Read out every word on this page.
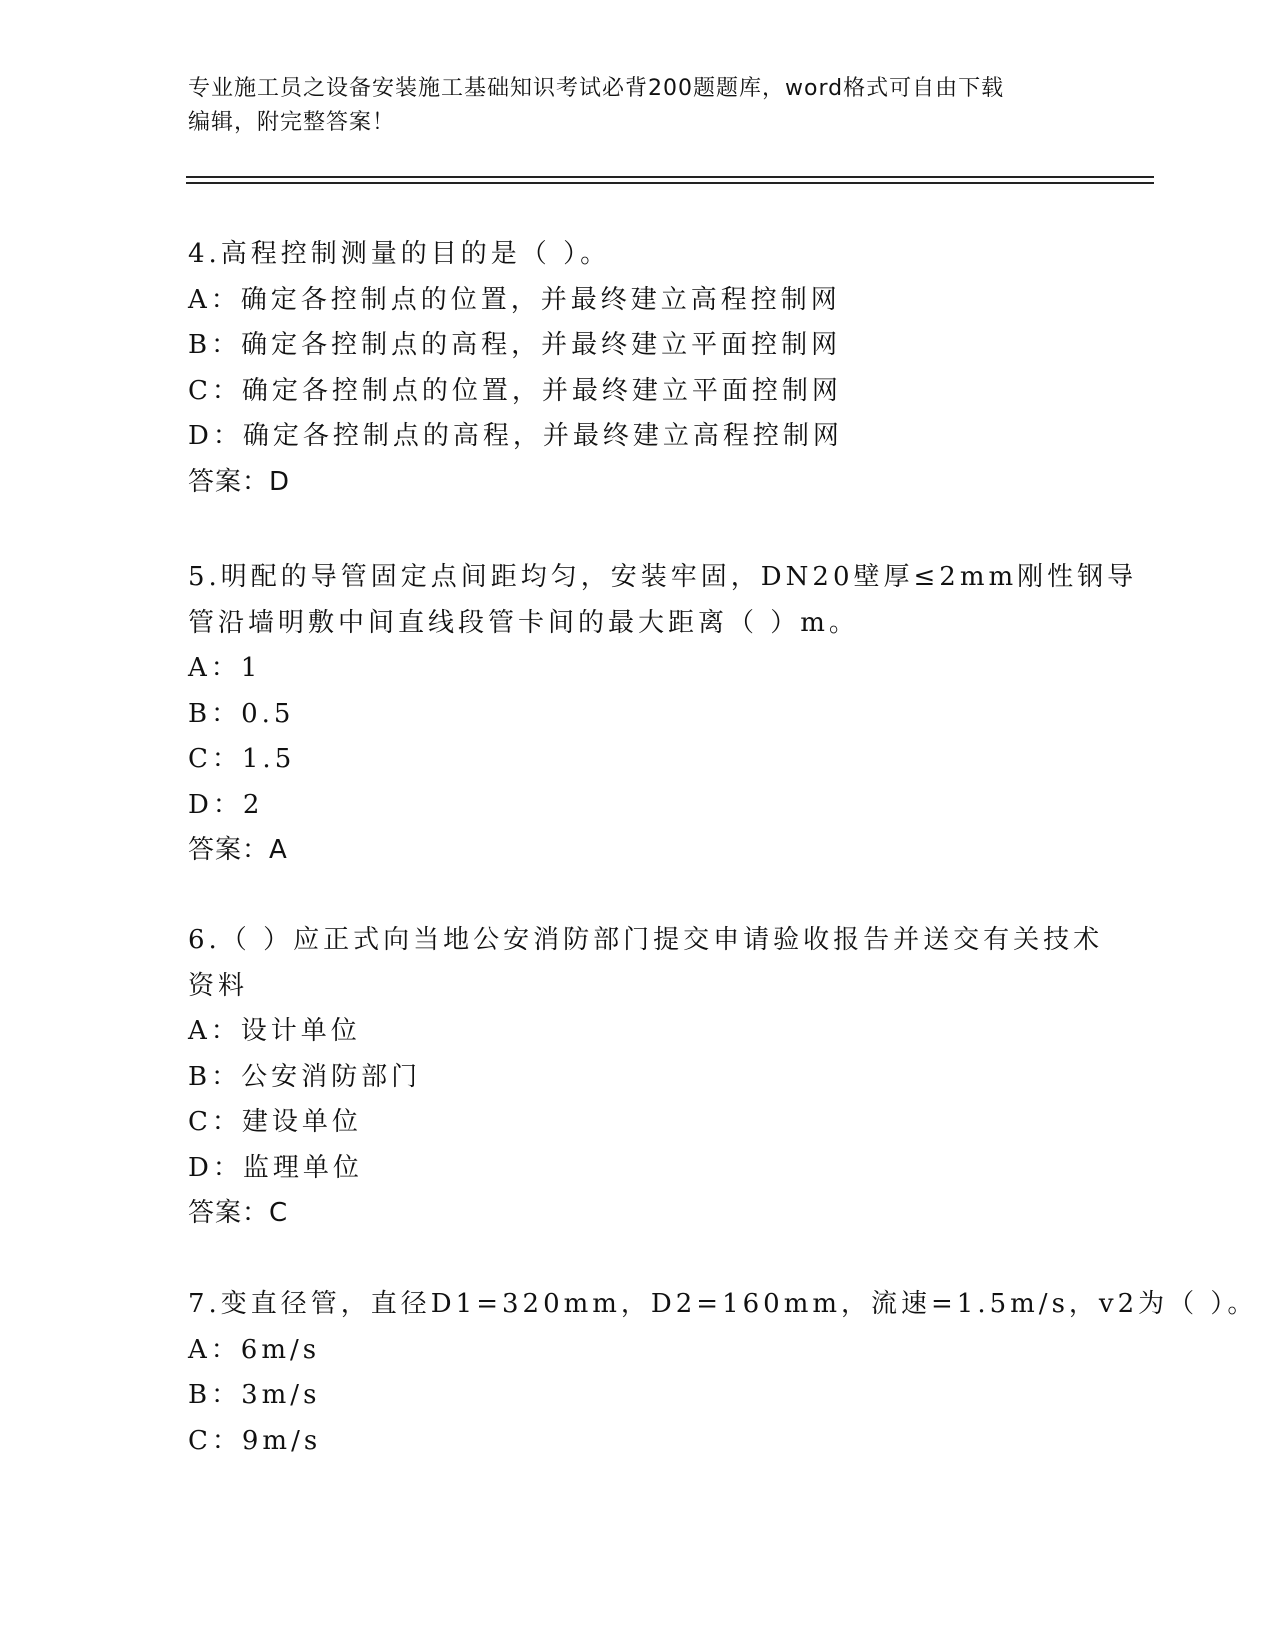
专业施工员之设备安装施工基础知识考试必背200题题库，word格式可自由下载
编辑，附完整答案！
4.高程控制测量的目的是（ ）。
A：确定各控制点的位置，并最终建立高程控制网
B：确定各控制点的高程，并最终建立平面控制网
C：确定各控制点的位置，并最终建立平面控制网
D：确定各控制点的高程，并最终建立高程控制网
答案：D
5.明配的导管固定点间距均匀，安装牢固，DN20壁厚≤2mm刚性钢导
管沿墙明敷中间直线段管卡间的最大距离（ ）m。
A：1
B：0.5
C：1.5
D：2
答案：A
6.（ ）应正式向当地公安消防部门提交申请验收报告并送交有关技术
资料
A：设计单位
B：公安消防部门
C：建设单位
D：监理单位
答案：C
7.变直径管，直径D1=320mm，D2=160mm，流速=1.5m/s，v2为（ ）。
A：6m/s
B：3m/s
C：9m/s
